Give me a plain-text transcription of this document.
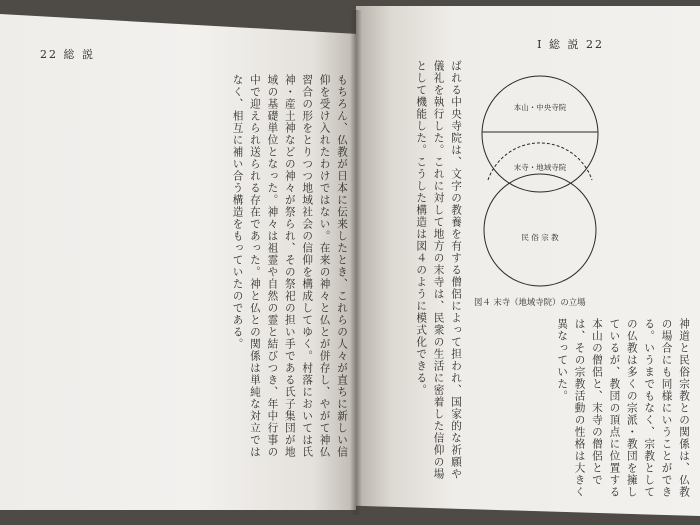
22 総 説
もちろん、仏教が日本に伝来したとき、これらの人々が直ちに新しい信仰を受け入れたわけではない。在来の神々と仏とが併存し、やがて神仏習合の形をとりつつ地域社会の信仰を構成してゆく。村落においては氏神・産土神などの神々が祭られ、その祭祀の担い手である氏子集団が地域の基礎単位となった。神々は祖霊や自然の霊と結びつき、年中行事の中で迎えられ送られる存在であった。神と仏との関係は単純な対立ではなく、相互に補い合う構造をもっていたのである。
I 総 説 22
ばれる中央寺院は、文字の教養を有する僧侶によって担われ、国家的な祈願や儀礼を執行した。これに対して地方の末寺は、民衆の生活に密着した信仰の場として機能した。こうした構造は図４のように模式化できる。	本山・中央寺院
末寺・地域寺院
民 俗 宗 教
図４ 末寺（地域寺院）の立場
神道と民俗宗教との関係は、仏教の場合にも同様にいうことができる。いうまでもなく、宗教としての仏教は多くの宗派・教団を擁しているが、教団の頂点に位置する本山の僧侶と、末寺の僧侶とでは、その宗教活動の性格は大きく異なっていた。
